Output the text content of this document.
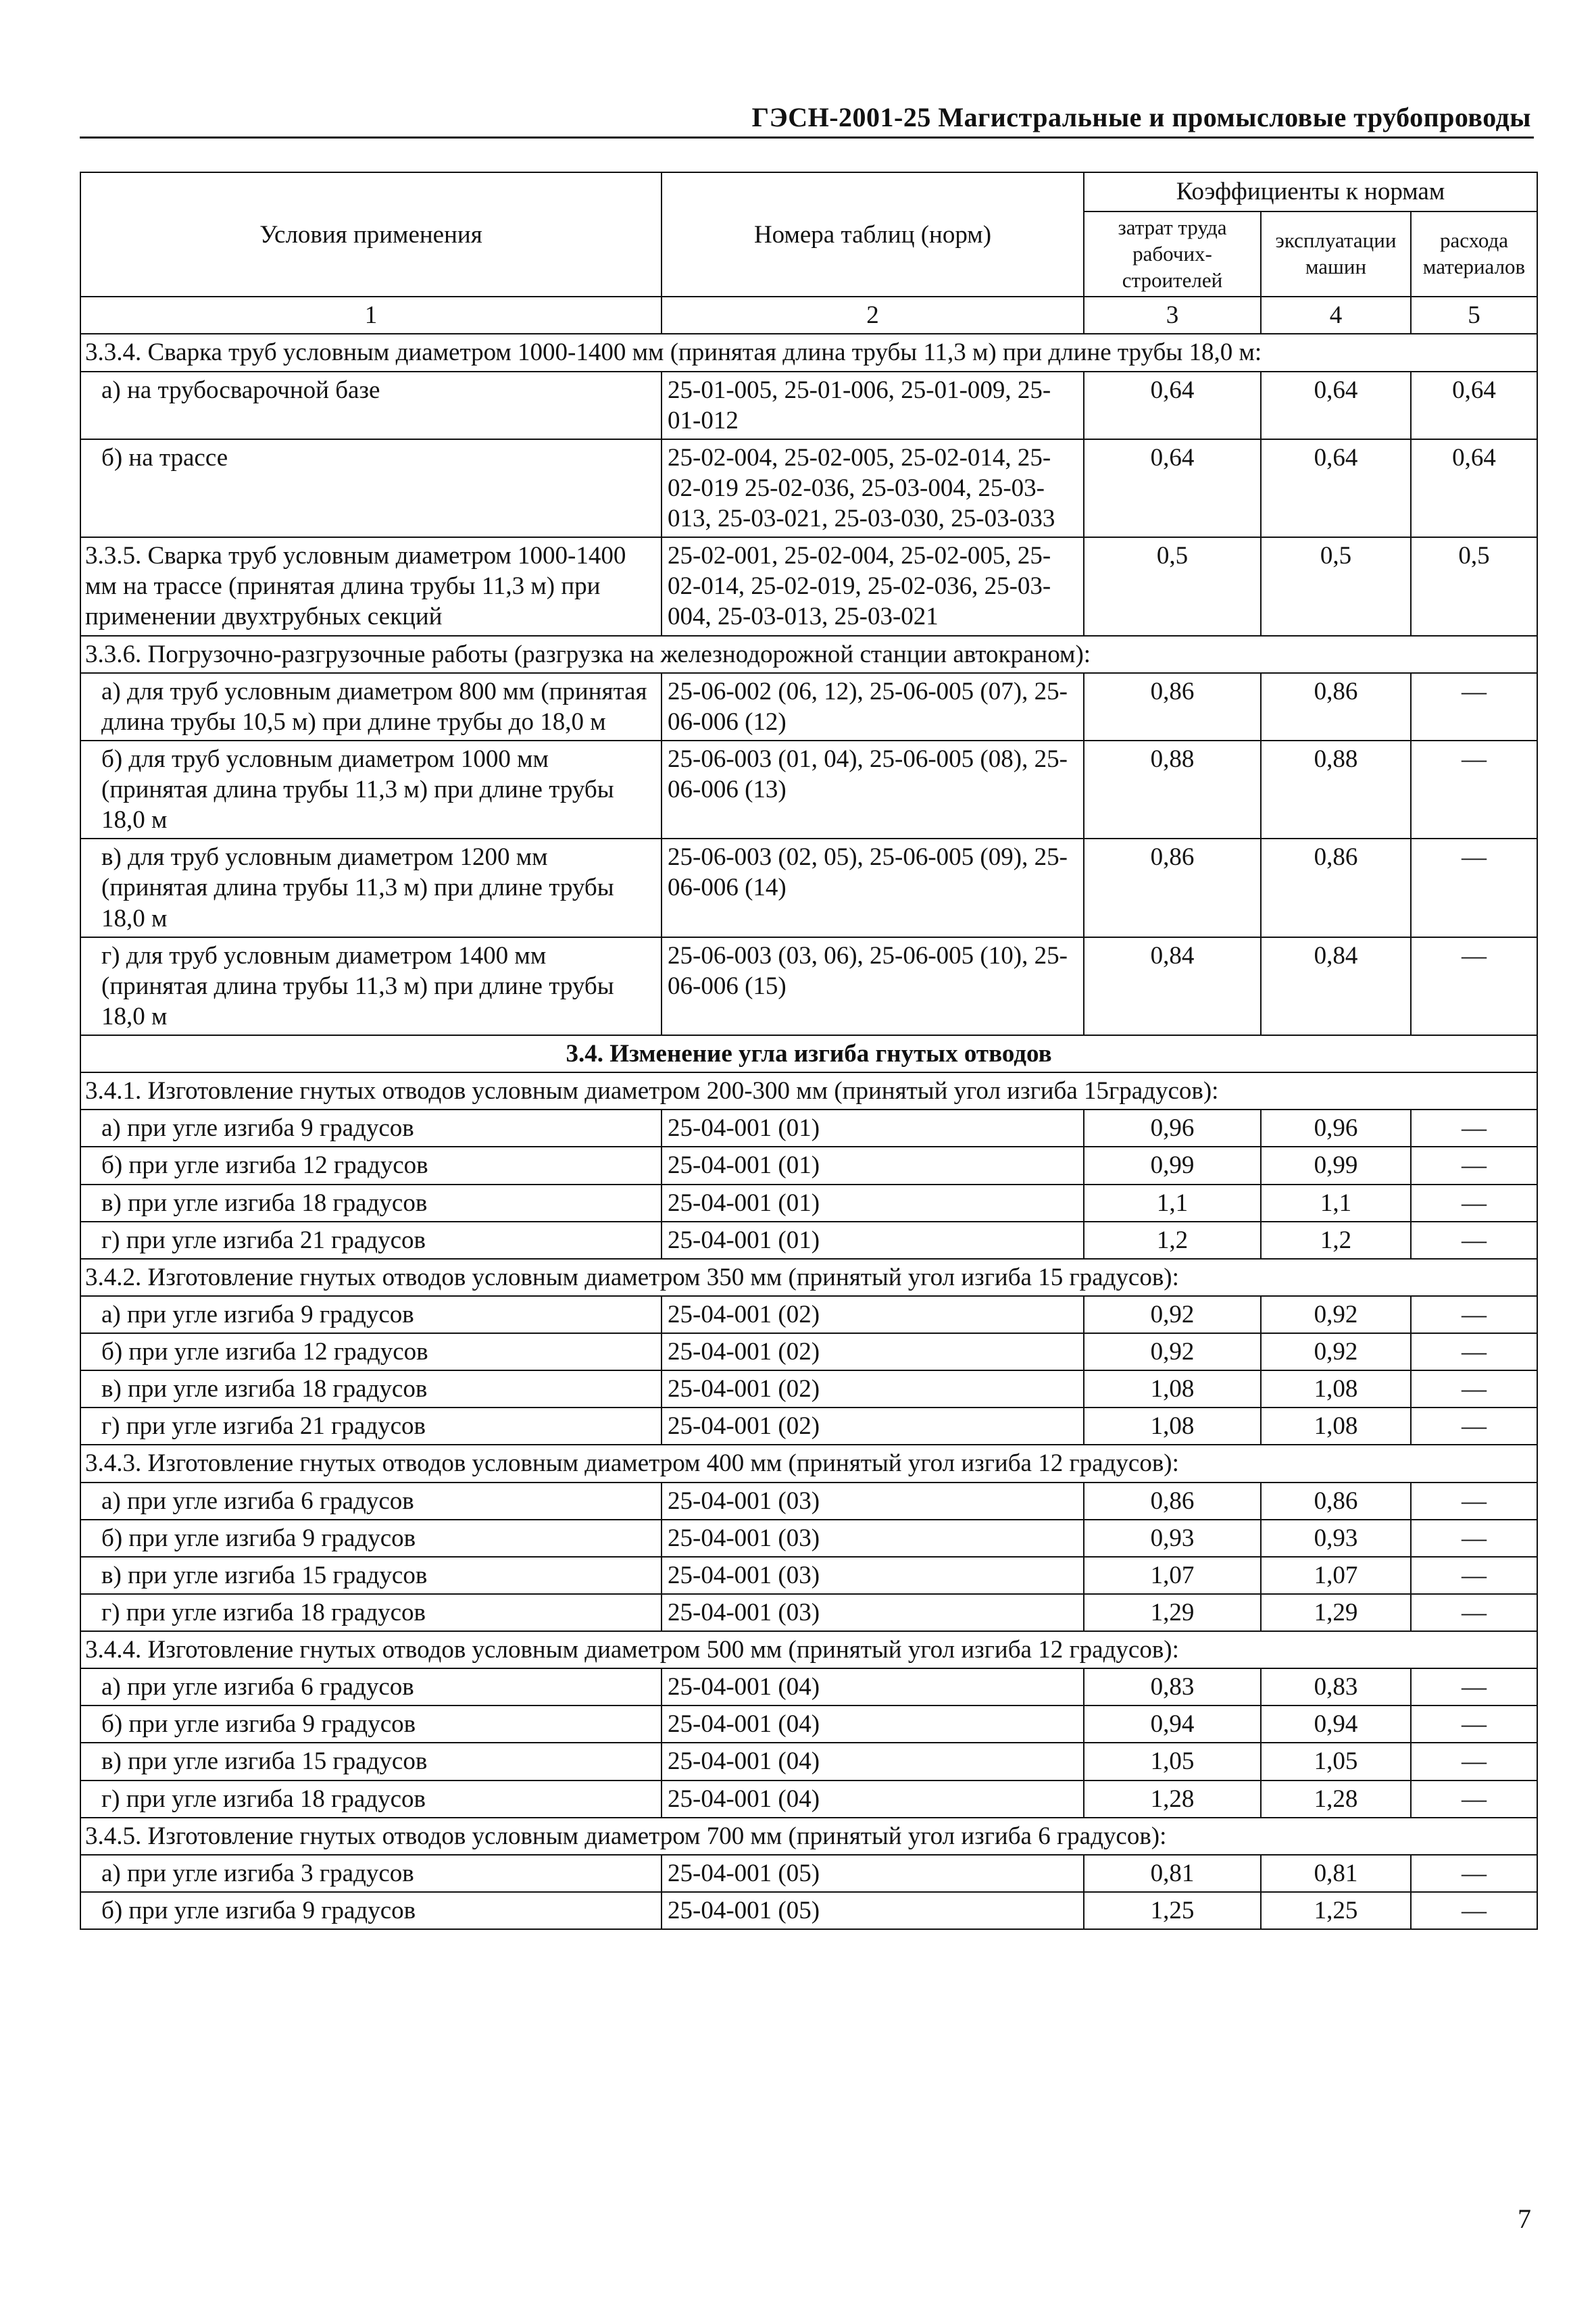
ГЭСН-2001-25 Магистральные и промысловые трубопроводы
Условия применения	Номера таблиц (норм)	Коэффициенты к нормам		
		затрат труда рабочих-строителей	эксплуатации машин	расхода материалов
1	2	3	4	5
3.3.4. Сварка труб условным диаметром 1000-1400 мм (принятая длина трубы 11,3 м) при длине трубы 18,0 м:				
а) на трубосварочной базе	25-01-005, 25-01-006, 25-01-009, 25-01-012	0,64	0,64	0,64
б) на трассе	25-02-004, 25-02-005, 25-02-014, 25-02-019 25-02-036, 25-03-004, 25-03-013, 25-03-021, 25-03-030, 25-03-033	0,64	0,64	0,64
3.3.5. Сварка труб условным диаметром 1000-1400 мм на трассе (принятая длина трубы 11,3 м) при применении двухтрубных секций	25-02-001, 25-02-004, 25-02-005, 25-02-014, 25-02-019, 25-02-036, 25-03-004, 25-03-013, 25-03-021	0,5	0,5	0,5
3.3.6. Погрузочно-разгрузочные работы (разгрузка на железнодорожной станции автокраном):				
а) для труб условным диаметром 800 мм (принятая длина трубы 10,5 м) при длине трубы до 18,0 м	25-06-002 (06, 12), 25-06-005 (07), 25-06-006 (12)	0,86	0,86	—
б) для труб условным диаметром 1000 мм (принятая длина трубы 11,3 м) при длине трубы 18,0 м	25-06-003 (01, 04), 25-06-005 (08), 25-06-006 (13)	0,88	0,88	—
в) для труб условным диаметром 1200 мм (принятая длина трубы 11,3 м) при длине трубы 18,0 м	25-06-003 (02, 05), 25-06-005 (09), 25-06-006 (14)	0,86	0,86	—
г) для труб условным диаметром 1400 мм (принятая длина трубы 11,3 м) при длине трубы 18,0 м	25-06-003 (03, 06), 25-06-005 (10), 25-06-006 (15)	0,84	0,84	—
3.4. Изменение угла изгиба гнутых отводов				
3.4.1. Изготовление гнутых отводов условным диаметром 200-300 мм (принятый угол изгиба 15градусов):				
а) при угле изгиба 9 градусов	25-04-001 (01)	0,96	0,96	—
б) при угле изгиба 12 градусов	25-04-001 (01)	0,99	0,99	—
в) при угле изгиба 18 градусов	25-04-001 (01)	1,1	1,1	—
г) при угле изгиба 21 градусов	25-04-001 (01)	1,2	1,2	—
3.4.2. Изготовление гнутых отводов условным диаметром 350 мм (принятый угол изгиба 15 градусов):				
а) при угле изгиба 9 градусов	25-04-001 (02)	0,92	0,92	—
б) при угле изгиба 12 градусов	25-04-001 (02)	0,92	0,92	—
в) при угле изгиба 18 градусов	25-04-001 (02)	1,08	1,08	—
г) при угле изгиба 21 градусов	25-04-001 (02)	1,08	1,08	—
3.4.3. Изготовление гнутых отводов условным диаметром 400 мм (принятый угол изгиба 12 градусов):				
а) при угле изгиба 6 градусов	25-04-001 (03)	0,86	0,86	—
б) при угле изгиба 9 градусов	25-04-001 (03)	0,93	0,93	—
в) при угле изгиба 15 градусов	25-04-001 (03)	1,07	1,07	—
г) при угле изгиба 18 градусов	25-04-001 (03)	1,29	1,29	—
3.4.4. Изготовление гнутых отводов условным диаметром 500 мм (принятый угол изгиба 12 градусов):				
а) при угле изгиба 6 градусов	25-04-001 (04)	0,83	0,83	—
б) при угле изгиба 9 градусов	25-04-001 (04)	0,94	0,94	—
в) при угле изгиба 15 градусов	25-04-001 (04)	1,05	1,05	—
г) при угле изгиба 18 градусов	25-04-001 (04)	1,28	1,28	—
3.4.5. Изготовление гнутых отводов условным диаметром 700 мм (принятый угол изгиба 6 градусов):				
а) при угле изгиба 3 градусов	25-04-001 (05)	0,81	0,81	—
б) при угле изгиба 9 градусов	25-04-001 (05)	1,25	1,25	—
7
